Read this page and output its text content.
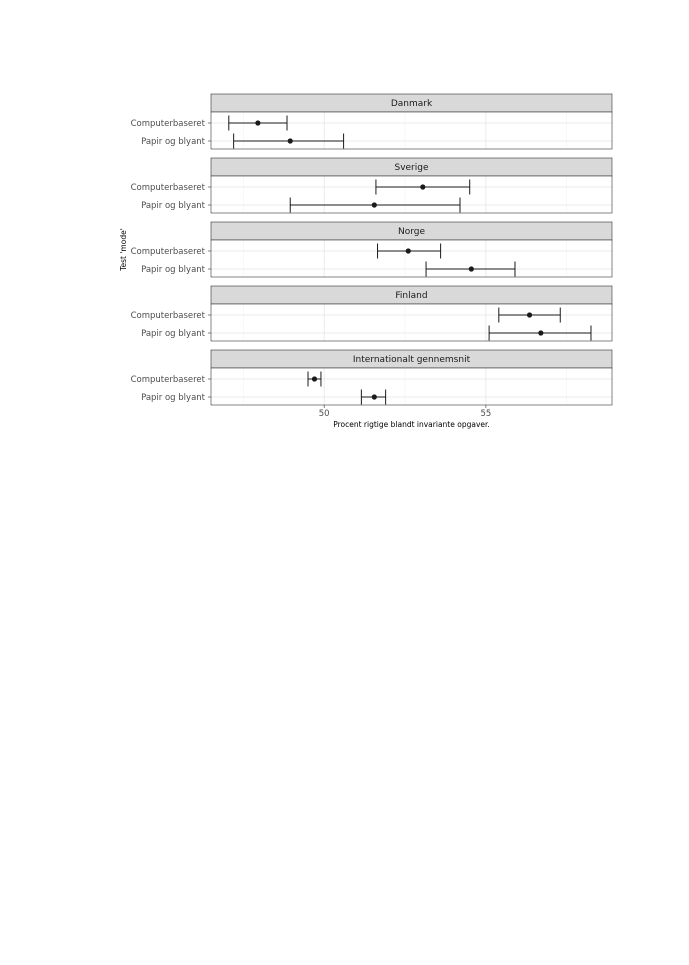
Danmark
Computerbaseret
Papir og blyant
Sverige
Computerbaseret
Papir og blyant
Norge
Computerbaseret
Papir og blyant
Finland
Computerbaseret
Papir og blyant
Internationalt gennemsnit
Computerbaseret
Papir og blyant
50	55
Procent rigtige blandt invariante opgaver.
Test 'mode'
